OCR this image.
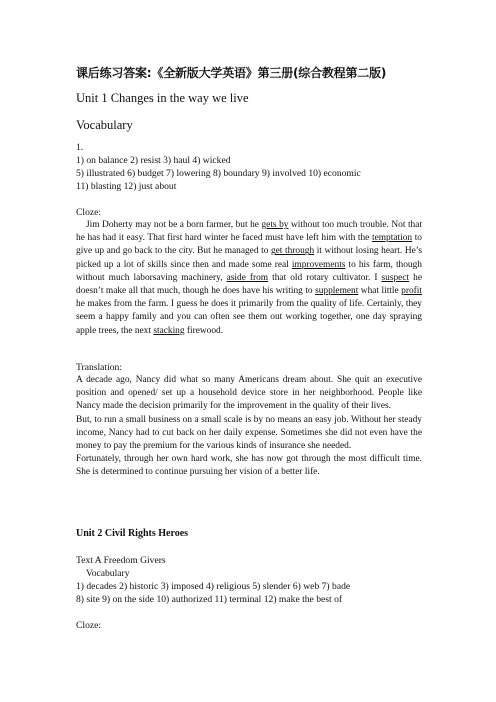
课后练习答案:《全新版大学英语》第三册(综合教程第二版)
Unit 1 Changes in the way we live
Vocabulary
1.
1) on balance 2) resist 3) haul 4) wicked
5) illustrated 6) budget 7) lowering 8) boundary 9) involved 10) economic
11) blasting 12) just about
Cloze:

Jim Doherty may not be a born farmer, but he gets by without too much trouble. Not that he has had it easy. That first hard winter he faced must have left him with the temptation to give up and go back to the city. But he managed to get through it without losing heart. He’s picked up a lot of skills since then and made some real improvements to his farm, though without much laborsaving machinery, aside from that old rotary cultivator. I suspect he doesn’t make all that much, though he does have his writing to supplement what little profit he makes from the farm. I guess he does it primarily from the quality of life. Certainly, they seem a happy family and you can often see them out working together, one day spraying apple trees, the next stacking firewood.

Translation:

A decade ago, Nancy did what so many Americans dream about. She quit an executive position and opened/ set up a household device store in her neighborhood. People like Nancy made the decision primarily for the improvement in the quality of their lives.

But, to run a small business on a small scale is by no means an easy job. Without her steady income, Nancy had to cut back on her daily expense. Sometimes she did not even have the money to pay the premium for the various kinds of insurance she needed.

Fortunately, through her own hard work, she has now got through the most difficult time. She is determined to continue pursuing her vision of a better life.

Unit 2 Civil Rights Heroes
Text A Freedom Givers
Vocabulary
1) decades 2) historic 3) imposed 4) religious 5) slender 6) web 7) bade
8) site 9) on the side 10) authorized 11) terminal 12) make the best of
Cloze:
